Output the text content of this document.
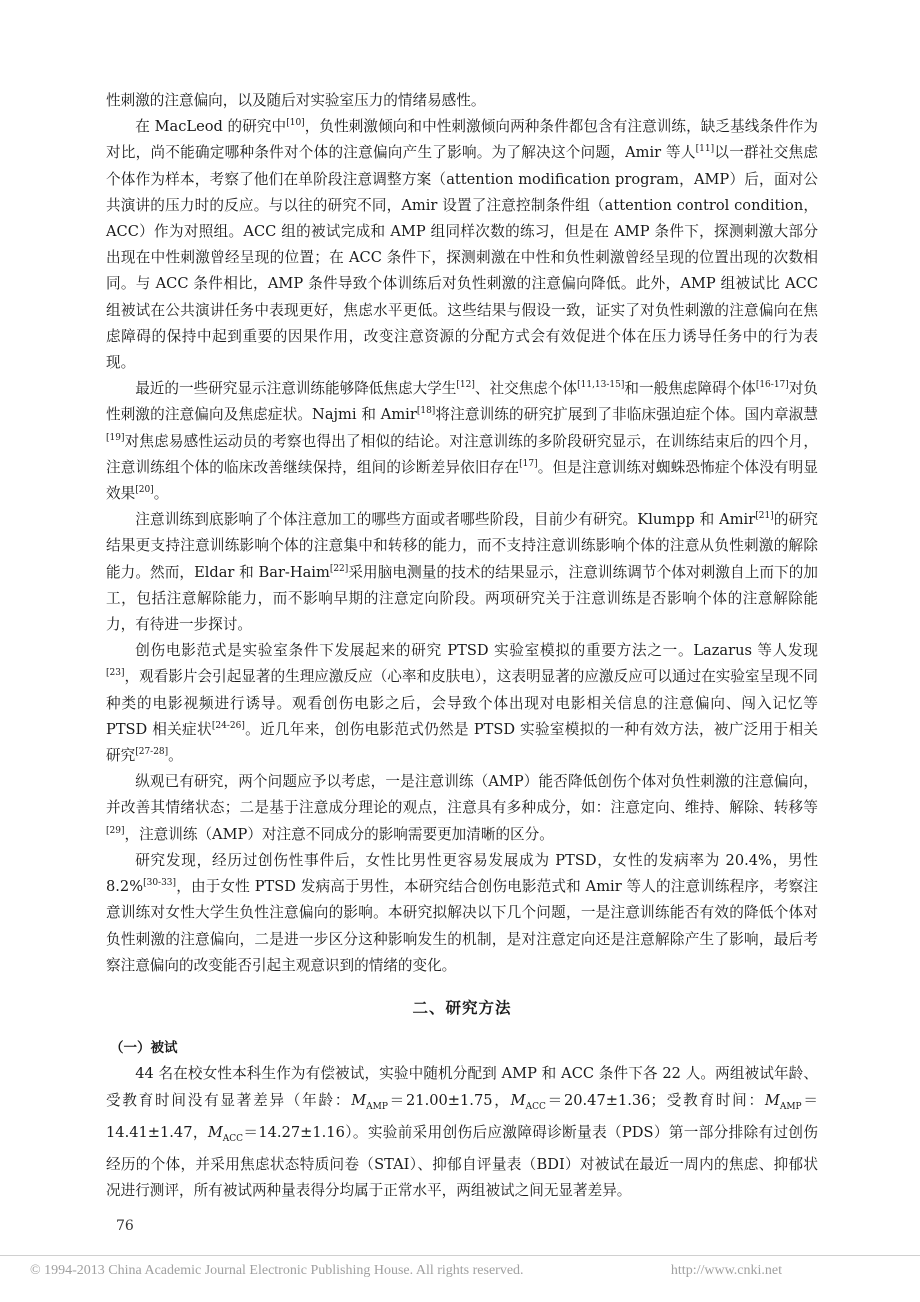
性刺激的注意偏向，以及随后对实验室压力的情绪易感性。

在 MacLeod 的研究中[10]，负性刺激倾向和中性刺激倾向两种条件都包含有注意训练，缺乏基线条件作为对比，尚不能确定哪种条件对个体的注意偏向产生了影响。为了解决这个问题，Amir 等人[11]以一群社交焦虑个体作为样本，考察了他们在单阶段注意调整方案（attention modification program，AMP）后，面对公共演讲的压力时的反应。与以往的研究不同，Amir 设置了注意控制条件组（attention control condition，ACC）作为对照组。ACC 组的被试完成和 AMP 组同样次数的练习，但是在 AMP 条件下，探测刺激大部分出现在中性刺激曾经呈现的位置；在 ACC 条件下，探测刺激在中性和负性刺激曾经呈现的位置出现的次数相同。与 ACC 条件相比，AMP 条件导致个体训练后对负性刺激的注意偏向降低。此外，AMP 组被试比 ACC 组被试在公共演讲任务中表现更好，焦虑水平更低。这些结果与假设一致，证实了对负性刺激的注意偏向在焦虑障碍的保持中起到重要的因果作用，改变注意资源的分配方式会有效促进个体在压力诱导任务中的行为表现。

最近的一些研究显示注意训练能够降低焦虑大学生[12]、社交焦虑个体[11,13-15]和一般焦虑障碍个体[16-17]对负性刺激的注意偏向及焦虑症状。Najmi 和 Amir[18]将注意训练的研究扩展到了非临床强迫症个体。国内章淑慧[19]对焦虑易感性运动员的考察也得出了相似的结论。对注意训练的多阶段研究显示，在训练结束后的四个月，注意训练组个体的临床改善继续保持，组间的诊断差异依旧存在[17]。但是注意训练对蜘蛛恐怖症个体没有明显效果[20]。

注意训练到底影响了个体注意加工的哪些方面或者哪些阶段，目前少有研究。Klumpp 和 Amir[21]的研究结果更支持注意训练影响个体的注意集中和转移的能力，而不支持注意训练影响个体的注意从负性刺激的解除能力。然而，Eldar 和 Bar-Haim[22]采用脑电测量的技术的结果显示，注意训练调节个体对刺激自上而下的加工，包括注意解除能力，而不影响早期的注意定向阶段。两项研究关于注意训练是否影响个体的注意解除能力，有待进一步探讨。

创伤电影范式是实验室条件下发展起来的研究 PTSD 实验室模拟的重要方法之一。Lazarus 等人发现[23]，观看影片会引起显著的生理应激反应（心率和皮肤电），这表明显著的应激反应可以通过在实验室呈现不同种类的电影视频进行诱导。观看创伤电影之后，会导致个体出现对电影相关信息的注意偏向、闯入记忆等 PTSD 相关症状[24-26]。近几年来，创伤电影范式仍然是 PTSD 实验室模拟的一种有效方法，被广泛用于相关研究[27-28]。

纵观已有研究，两个问题应予以考虑，一是注意训练（AMP）能否降低创伤个体对负性刺激的注意偏向，并改善其情绪状态；二是基于注意成分理论的观点，注意具有多种成分，如：注意定向、维持、解除、转移等[29]，注意训练（AMP）对注意不同成分的影响需要更加清晰的区分。

研究发现，经历过创伤性事件后，女性比男性更容易发展成为 PTSD，女性的发病率为 20.4%，男性 8.2%[30-33]，由于女性 PTSD 发病高于男性，本研究结合创伤电影范式和 Amir 等人的注意训练程序，考察注意训练对女性大学生负性注意偏向的影响。本研究拟解决以下几个问题，一是注意训练能否有效的降低个体对负性刺激的注意偏向，二是进一步区分这种影响发生的机制，是对注意定向还是注意解除产生了影响，最后考察注意偏向的改变能否引起主观意识到的情绪的变化。

二、研究方法

（一）被试

44 名在校女性本科生作为有偿被试，实验中随机分配到 AMP 和 ACC 条件下各 22 人。两组被试年龄、受教育时间没有显著差异（年龄：$M_{AMP}=21.00\pm 1.75$，$M_{ACC}=20.47\pm 1.36$；受教育时间：$M_{AMP}=14.41\pm 1.47$，$M_{ACC}=14.27\pm 1.16$）。实验前采用创伤后应激障碍诊断量表（PDS）第一部分排除有过创伤经历的个体，并采用焦虑状态特质问卷（STAI）、抑郁自评量表（BDI）对被试在最近一周内的焦虑、抑郁状况进行测评，所有被试两种量表得分均属于正常水平，两组被试之间无显著差异。

76
© 1994-2013 China Academic Journal Electronic Publishing House. All rights reserved.	http://www.cnki.net
